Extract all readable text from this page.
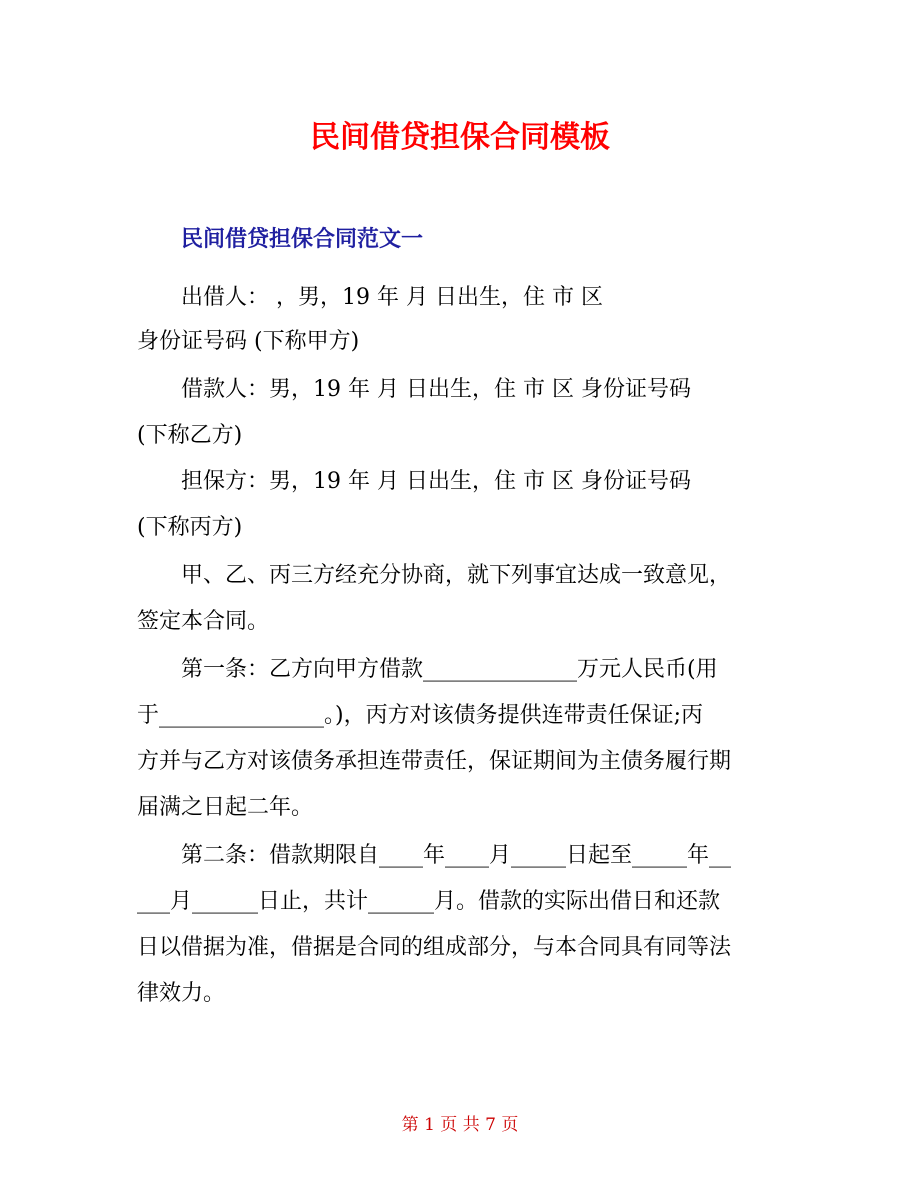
民间借贷担保合同模板
民间借贷担保合同范文一

出借人： ，男，19 年 月 日出生，住 市 区

身份证号码 (下称甲方)

借款人：男，19 年 月 日出生，住 市 区 身份证号码

(下称乙方)

担保方：男，19 年 月 日出生，住 市 区 身份证号码

(下称丙方)

甲、乙、丙三方经充分协商，就下列事宜达成一致意见，

签定本合同。

第一条：乙方向甲方借款______________万元人民币(用

于_______________。)，丙方对该债务提供连带责任保证;丙

方并与乙方对该债务承担连带责任，保证期间为主债务履行期

届满之日起二年。

第二条：借款期限自____年____月_____日起至_____年__

___月______日止，共计______月。借款的实际出借日和还款

日以借据为准，借据是合同的组成部分，与本合同具有同等法

律效力。

第 1 页 共 7 页
